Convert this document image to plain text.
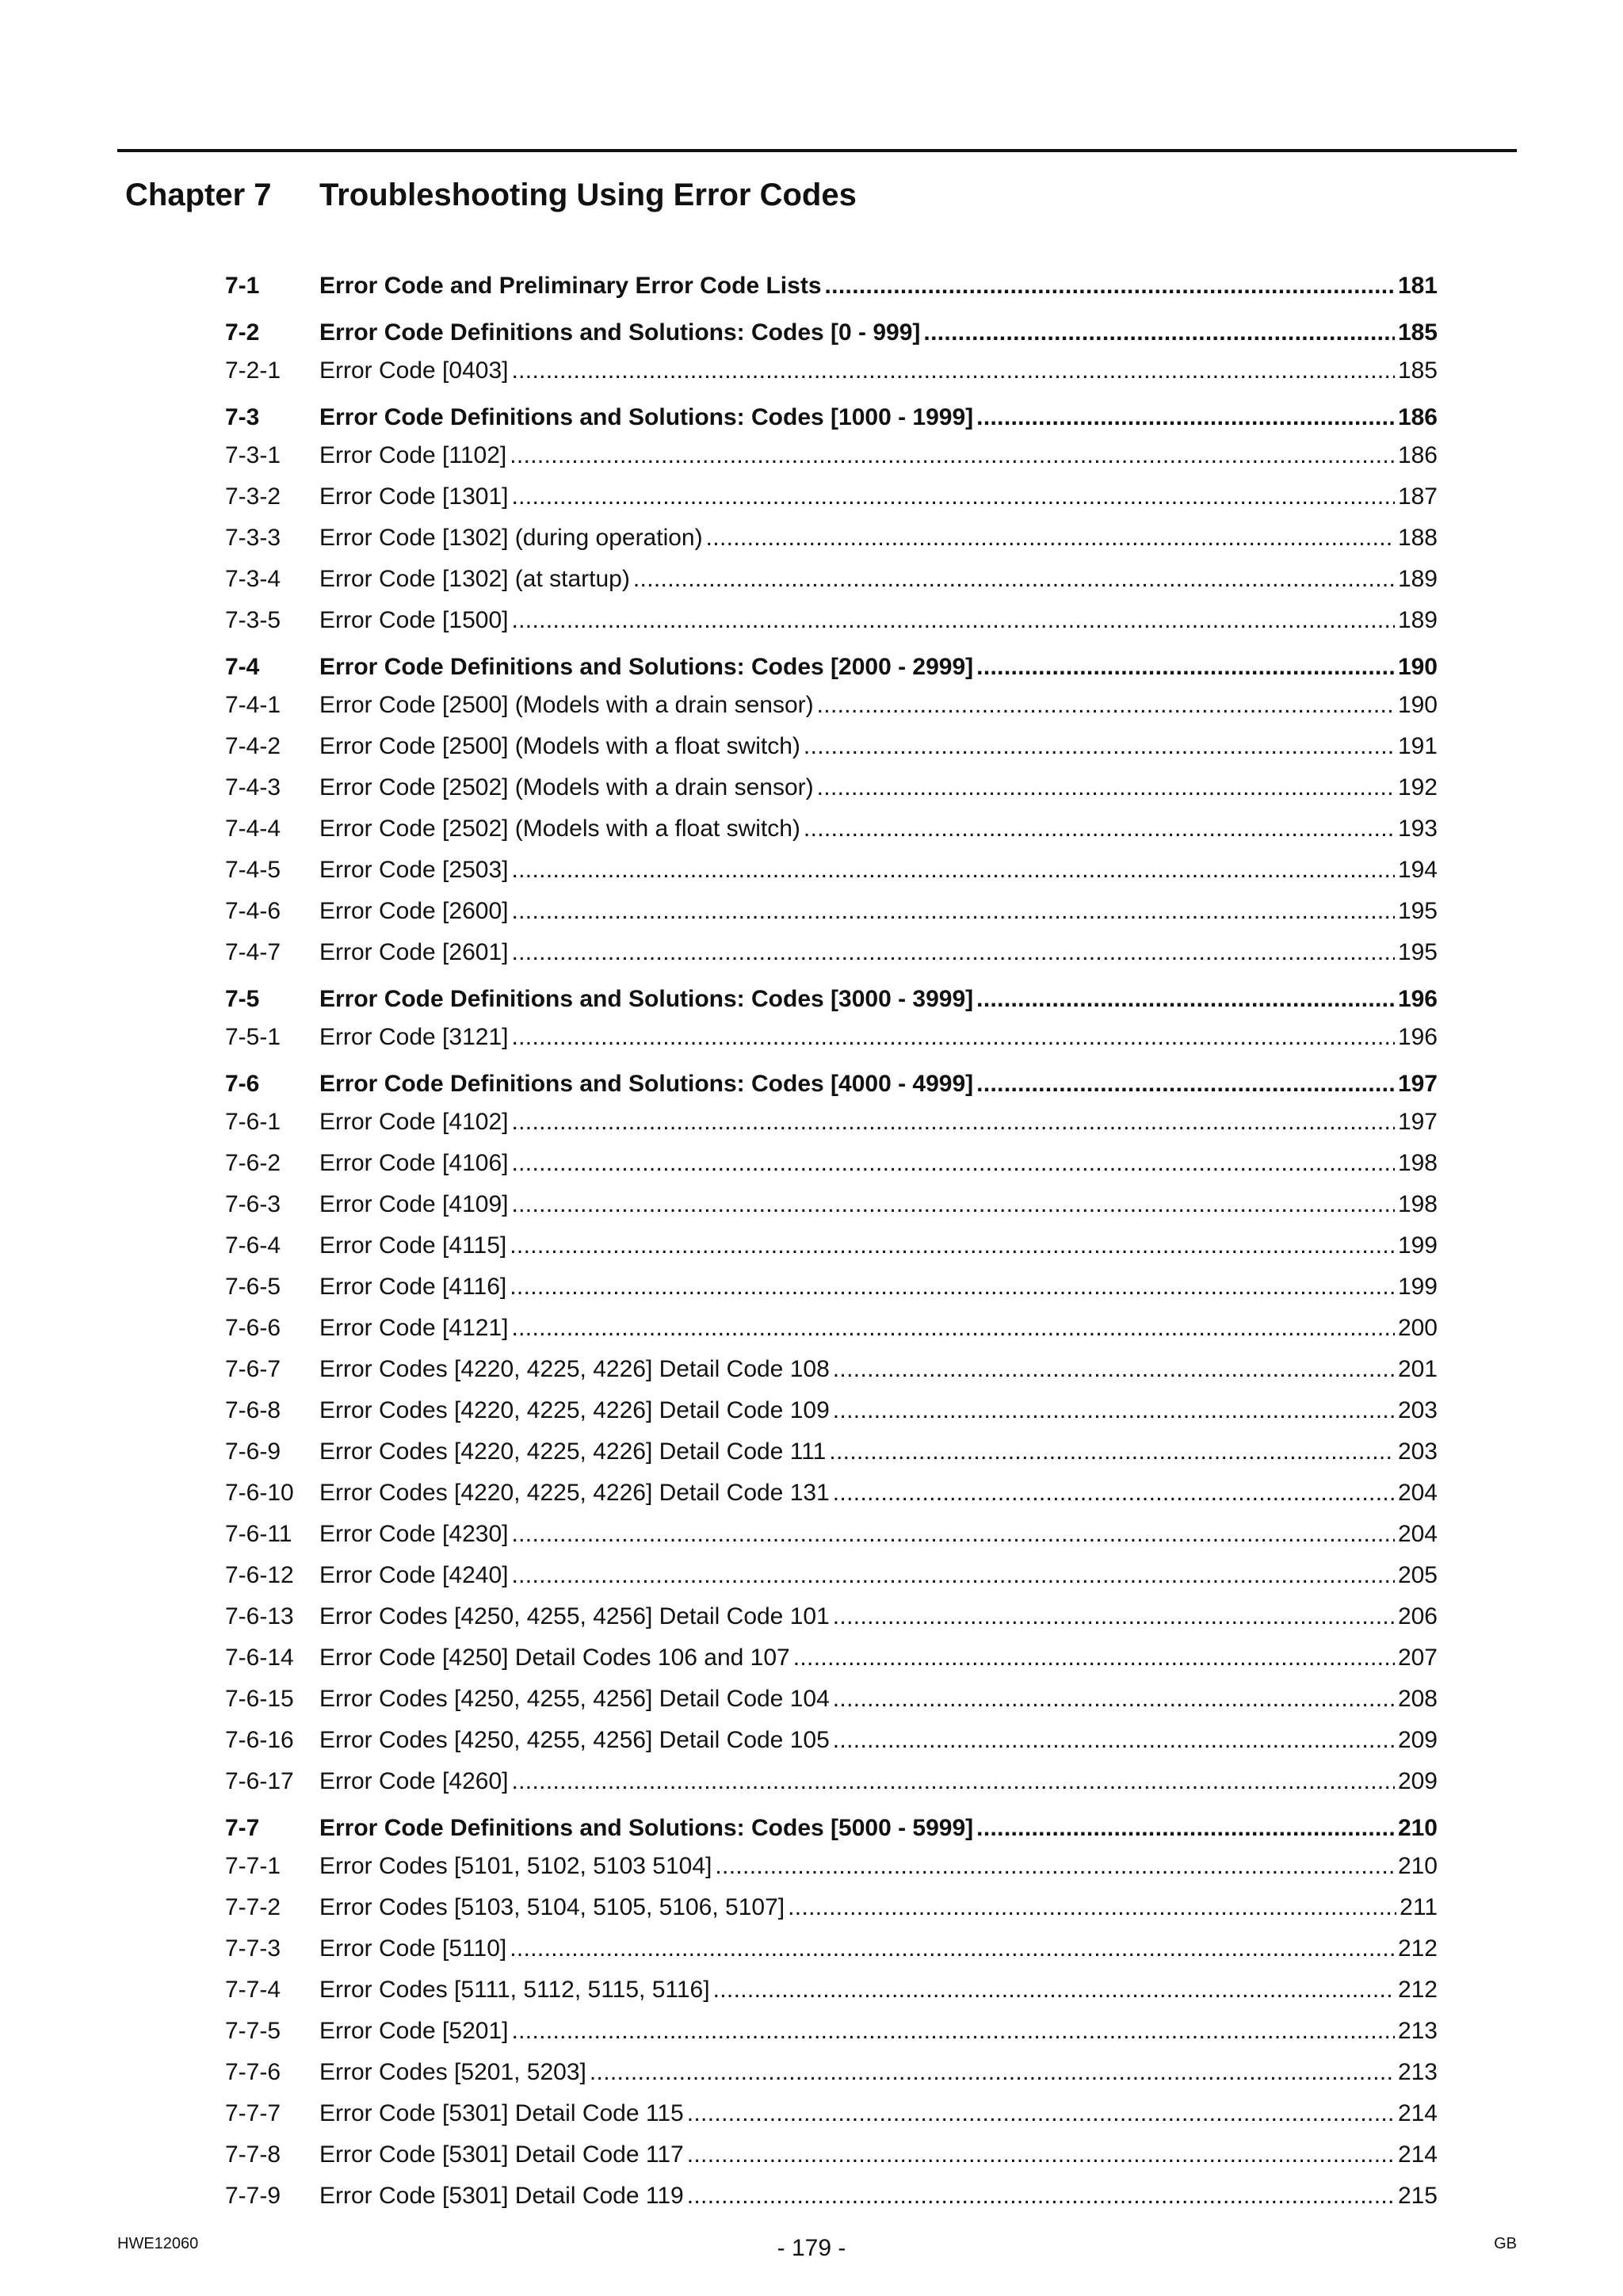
Chapter 7 Troubleshooting Using Error Codes
7-1	Error Code and Preliminary Error Code Lists . . .	181
7-2	Error Code Definitions and Solutions: Codes [0 - 999] . . .	185
7-2-1 Error Code [0403] . . .	185
7-3	Error Code Definitions and Solutions: Codes [1000 - 1999] . . .	186
7-3-1 Error Code [1102] . . .	186
7-3-2 Error Code [1301] . . .	187
7-3-3 Error Code [1302] (during operation) . . .	188
7-3-4 Error Code [1302] (at startup) . . .	189
7-3-5 Error Code [1500] . . .	189
7-4	Error Code Definitions and Solutions: Codes [2000 - 2999] . . .	190
7-4-1 Error Code [2500] (Models with a drain sensor) . . .	190
7-4-2 Error Code [2500] (Models with a float switch) . . .	191
7-4-3 Error Code [2502] (Models with a drain sensor) . . .	192
7-4-4 Error Code [2502] (Models with a float switch) . . .	193
7-4-5 Error Code [2503] . . .	194
7-4-6 Error Code [2600] . . .	195
7-4-7 Error Code [2601] . . .	195
7-5	Error Code Definitions and Solutions: Codes [3000 - 3999] . . .	196
7-5-1 Error Code [3121] . . .	196
7-6	Error Code Definitions and Solutions: Codes [4000 - 4999] . . .	197
7-6-1 Error Code [4102] . . .	197
7-6-2 Error Code [4106] . . .	198
7-6-3 Error Code [4109] . . .	198
7-6-4 Error Code [4115] . . .	199
7-6-5 Error Code [4116] . . .	199
7-6-6 Error Code [4121] . . .	200
7-6-7 Error Codes [4220, 4225, 4226] Detail Code 108 . . .	201
7-6-8 Error Codes [4220, 4225, 4226] Detail Code 109 . . .	203
7-6-9 Error Codes [4220, 4225, 4226] Detail Code 111 . . .	203
7-6-10 Error Codes [4220, 4225, 4226] Detail Code 131 . . .	204
7-6-11 Error Code [4230] . . .	204
7-6-12 Error Code [4240] . . .	205
7-6-13 Error Codes [4250, 4255, 4256] Detail Code 101 . . .	206
7-6-14 Error Code [4250] Detail Codes 106 and 107 . . .	207
7-6-15 Error Codes [4250, 4255, 4256] Detail Code 104 . . .	208
7-6-16 Error Codes [4250, 4255, 4256] Detail Code 105 . . .	209
7-6-17 Error Code [4260] . . .	209
7-7	Error Code Definitions and Solutions: Codes [5000 - 5999] . . .	210
7-7-1 Error Codes [5101, 5102, 5103 5104] . . .	210
7-7-2 Error Codes [5103, 5104, 5105, 5106, 5107] . . .	211
7-7-3 Error Code [5110] . . .	212
7-7-4 Error Codes [5111, 5112, 5115, 5116] . . .	212
7-7-5 Error Code [5201] . . .	213
7-7-6 Error Codes [5201, 5203] . . .	213
7-7-7 Error Code [5301] Detail Code 115 . . .	214
7-7-8 Error Code [5301] Detail Code 117 . . .	214
7-7-9 Error Code [5301] Detail Code 119 . . .	215
HWE12060	- 179 -	GB
